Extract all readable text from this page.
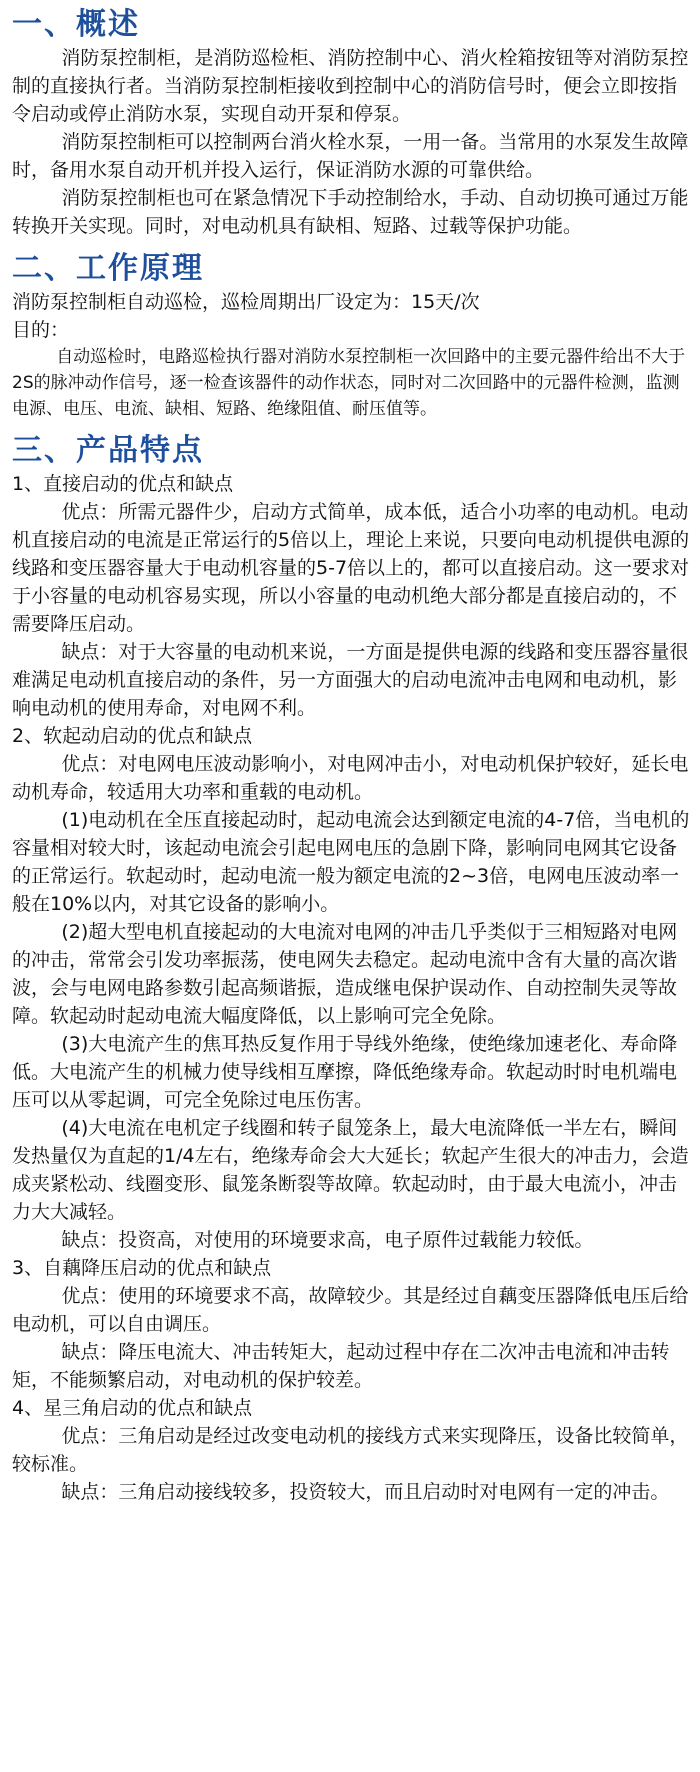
一、概述

消防泵控制柜，是消防巡检柜、消防控制中心、消火栓箱按钮等对消防泵控制的直接执行者。当消防泵控制柜接收到控制中心的消防信号时，便会立即按指令启动或停止消防水泵，实现自动开泵和停泵。

消防泵控制柜可以控制两台消火栓水泵，一用一备。当常用的水泵发生故障时，备用水泵自动开机并投入运行，保证消防水源的可靠供给。

消防泵控制柜也可在紧急情况下手动控制给水，手动、自动切换可通过万能转换开关实现。同时，对电动机具有缺相、短路、过载等保护功能。

二、工作原理

消防泵控制柜自动巡检，巡检周期出厂设定为：15天/次

目的：

自动巡检时，电路巡检执行器对消防水泵控制柜一次回路中的主要元器件给出不大于2S的脉冲动作信号，逐一检查该器件的动作状态，同时对二次回路中的元器件检测，监测电源、电压、电流、缺相、短路、绝缘阻值、耐压值等。

三、产品特点

1、直接启动的优点和缺点

优点：所需元器件少，启动方式简单，成本低，适合小功率的电动机。电动机直接启动的电流是正常运行的5倍以上，理论上来说，只要向电动机提供电源的线路和变压器容量大于电动机容量的5-7倍以上的，都可以直接启动。这一要求对于小容量的电动机容易实现，所以小容量的电动机绝大部分都是直接启动的，不需要降压启动。

缺点：对于大容量的电动机来说，一方面是提供电源的线路和变压器容量很难满足电动机直接启动的条件，另一方面强大的启动电流冲击电网和电动机，影响电动机的使用寿命，对电网不利。

2、软起动启动的优点和缺点

优点：对电网电压波动影响小，对电网冲击小，对电动机保护较好，延长电动机寿命，较适用大功率和重载的电动机。

(1)电动机在全压直接起动时，起动电流会达到额定电流的4-7倍，当电机的容量相对较大时，该起动电流会引起电网电压的急剧下降，影响同电网其它设备的正常运行。软起动时，起动电流一般为额定电流的2~3倍，电网电压波动率一般在10%以内，对其它设备的影响小。

(2)超大型电机直接起动的大电流对电网的冲击几乎类似于三相短路对电网的冲击，常常会引发功率振荡，使电网失去稳定。起动电流中含有大量的高次谐波，会与电网电路参数引起高频谐振，造成继电保护误动作、自动控制失灵等故障。软起动时起动电流大幅度降低，以上影响可完全免除。

(3)大电流产生的焦耳热反复作用于导线外绝缘，使绝缘加速老化、寿命降低。大电流产生的机械力使导线相互摩擦，降低绝缘寿命。软起动时时电机端电压可以从零起调，可完全免除过电压伤害。

(4)大电流在电机定子线圈和转子鼠笼条上，最大电流降低一半左右，瞬间发热量仅为直起的1/4左右，绝缘寿命会大大延长；软起产生很大的冲击力，会造成夹紧松动、线圈变形、鼠笼条断裂等故障。软起动时，由于最大电流小，冲击力大大减轻。

缺点：投资高，对使用的环境要求高，电子原件过载能力较低。

3、自藕降压启动的优点和缺点

优点：使用的环境要求不高，故障较少。其是经过自藕变压器降低电压后给电动机，可以自由调压。

缺点：降压电流大、冲击转矩大，起动过程中存在二次冲击电流和冲击转矩，不能频繁启动，对电动机的保护较差。

4、星三角启动的优点和缺点

优点：三角启动是经过改变电动机的接线方式来实现降压，设备比较简单，较标准。

缺点：三角启动接线较多，投资较大，而且启动时对电网有一定的冲击。
